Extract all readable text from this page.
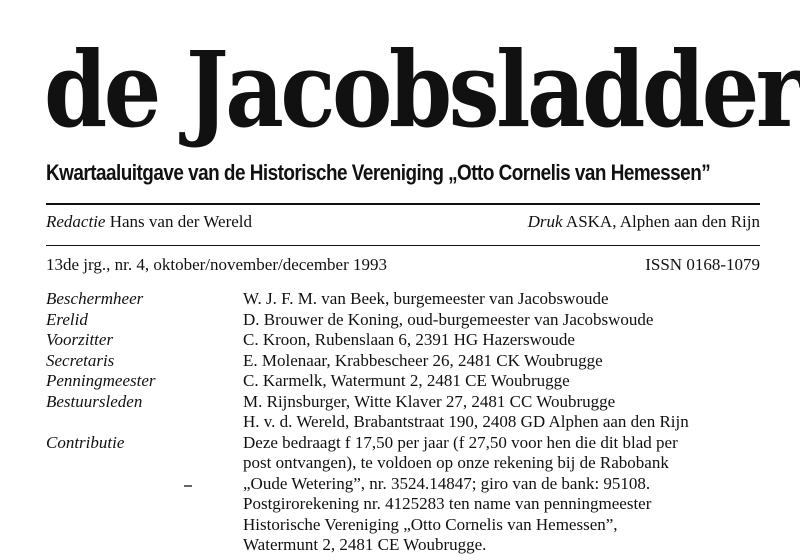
de Jacobsladder
Kwartaaluitgave van de Historische Vereniging „Otto Cornelis van Hemessen”
Redactie Hans van der Wereld	Druk ASKA, Alphen aan den Rijn
13de jrg., nr. 4, oktober/november/december 1993	ISSN 0168-1079
Beschermheer	W. J. F. M. van Beek, burgemeester van Jacobswoude
Erelid	D. Brouwer de Koning, oud-burgemeester van Jacobswoude
Voorzitter	C. Kroon, Rubenslaan 6, 2391 HG Hazerswoude
Secretaris	E. Molenaar, Krabbescheer 26, 2481 CK Woubrugge
Penningmeester	C. Karmelk, Watermunt 2, 2481 CE Woubrugge
Bestuursleden	M. Rijnsburger, Witte Klaver 27, 2481 CC Woubrugge
H. v. d. Wereld, Brabantstraat 190, 2408 GD Alphen aan den Rijn
Contributie	Deze bedraagt f 17,50 per jaar (f 27,50 voor hen die dit blad per
post ontvangen), te voldoen op onze rekening bij de Rabobank
„Oude Wetering”, nr. 3524.14847; giro van de bank: 95108.
Postgirorekening nr. 4125283 ten name van penningmeester
Historische Vereniging „Otto Cornelis van Hemessen”,
Watermunt 2, 2481 CE Woubrugge.
